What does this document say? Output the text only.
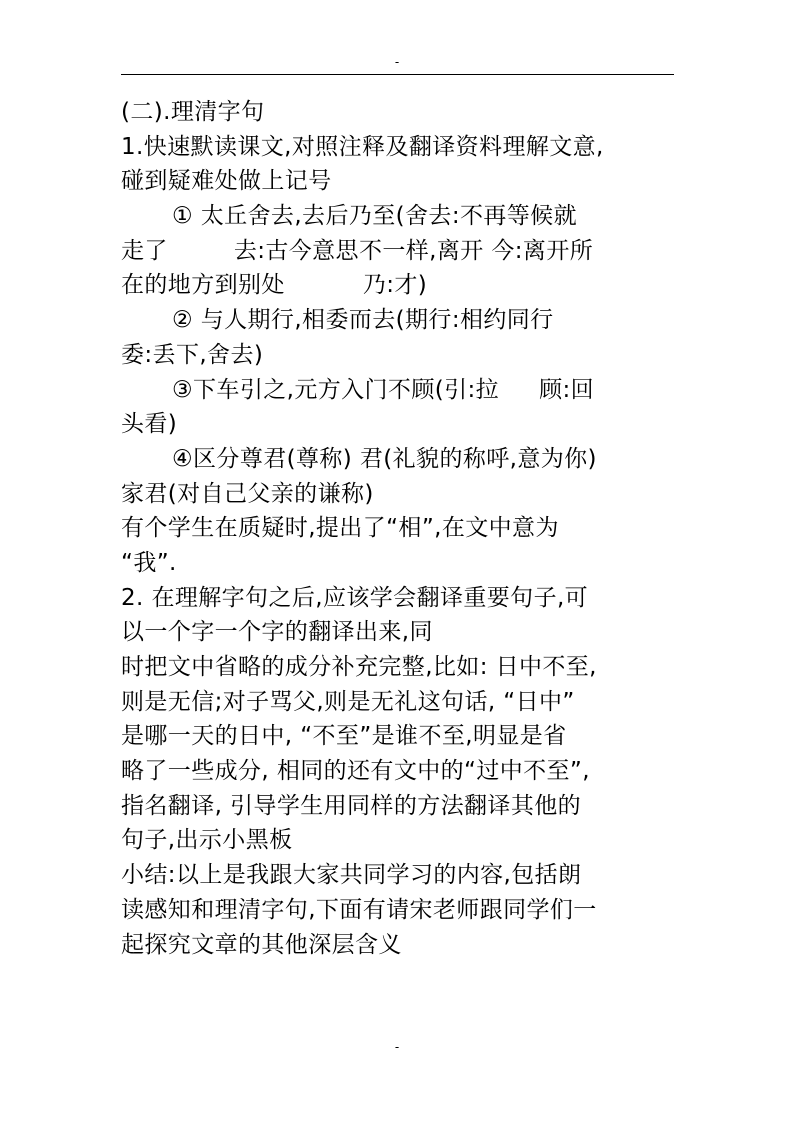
-
(二).理清字句
1.快速默读课文,对照注释及翻译资料理解文意,
碰到疑难处做上记号
① 太丘舍去,去后乃至(舍去:不再等候就
走了	去:古今意思不一样,离开 今:离开所
在的地方到别处	乃:才)
② 与人期行,相委而去(期行:相约同行
委:丢下,舍去)
③下车引之,元方入门不顾(引:拉 顾:回
头看)
④区分尊君(尊称) 君(礼貌的称呼,意为你)
家君(对自己父亲的谦称)
有个学生在质疑时,提出了“相”,在文中意为
“我”.
2. 在理解字句之后,应该学会翻译重要句子,可
以一个字一个字的翻译出来,同
时把文中省略的成分补充完整,比如: 日中不至,
则是无信;对子骂父,则是无礼这句话, “日中”
是哪一天的日中, “不至”是谁不至,明显是省
略了一些成分, 相同的还有文中的“过中不至”,
指名翻译, 引导学生用同样的方法翻译其他的
句子,出示小黑板
小结:以上是我跟大家共同学习的内容,包括朗
读感知和理清字句,下面有请宋老师跟同学们一
起探究文章的其他深层含义
-
